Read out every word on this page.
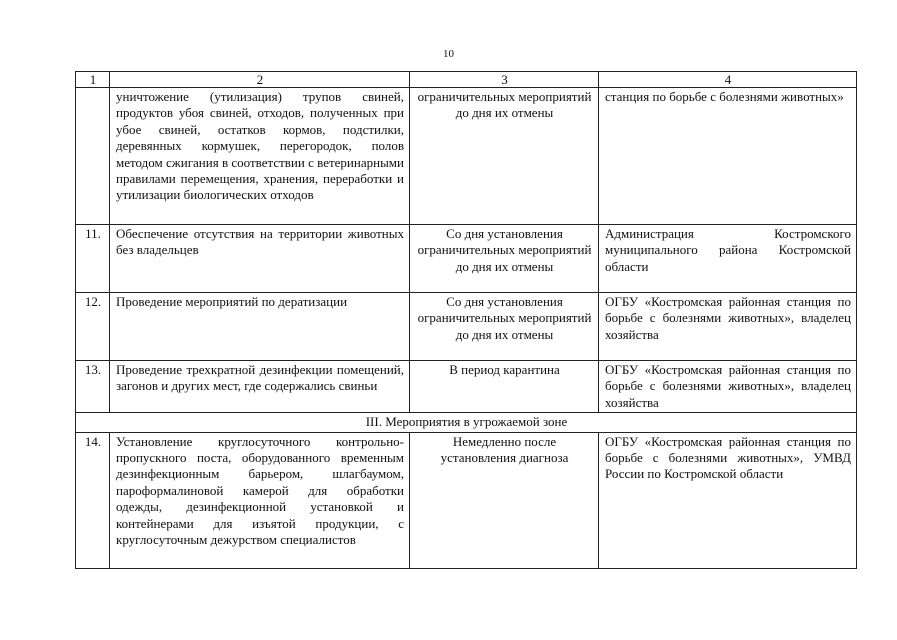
10
1	2	3	4
	уничтожение (утилизация) трупов свиней, продуктов убоя свиней, отходов, полученных при убое свиней, остатков кормов, подстилки, деревянных кормушек, перегородок, полов методом сжигания в соответствии с ветеринарными правилами перемещения, хранения, переработки и утилизации биологических отходов	ограничительных мероприятий до дня их отмены	станция по борьбе с болезнями животных»
11.	Обеспечение отсутствия на территории животных без владельцев	Со дня установления ограничительных мероприятий до дня их отмены	Администрация Костромского муниципального района Костромской области
12.	Проведение мероприятий по дератизации	Со дня установления ограничительных мероприятий до дня их отмены	ОГБУ «Костромская районная станция по борьбе с болезнями животных», владелец хозяйства
13.	Проведение трехкратной дезинфекции помещений, загонов и других мест, где содержались свиньи	В период карантина	ОГБУ «Костромская районная станция по борьбе с болезнями животных», владелец хозяйства
III. Мероприятия в угрожаемой зоне			
14.	Установление круглосуточного контрольно-пропускного поста, оборудованного временным дезинфекционным барьером, шлагбаумом, пароформалиновой камерой для обработки одежды, дезинфекционной установкой и контейнерами для изъятой продукции, с круглосуточным дежурством специалистов	Немедленно после установления диагноза	ОГБУ «Костромская районная станция по борьбе с болезнями животных», УМВД России по Костромской области
